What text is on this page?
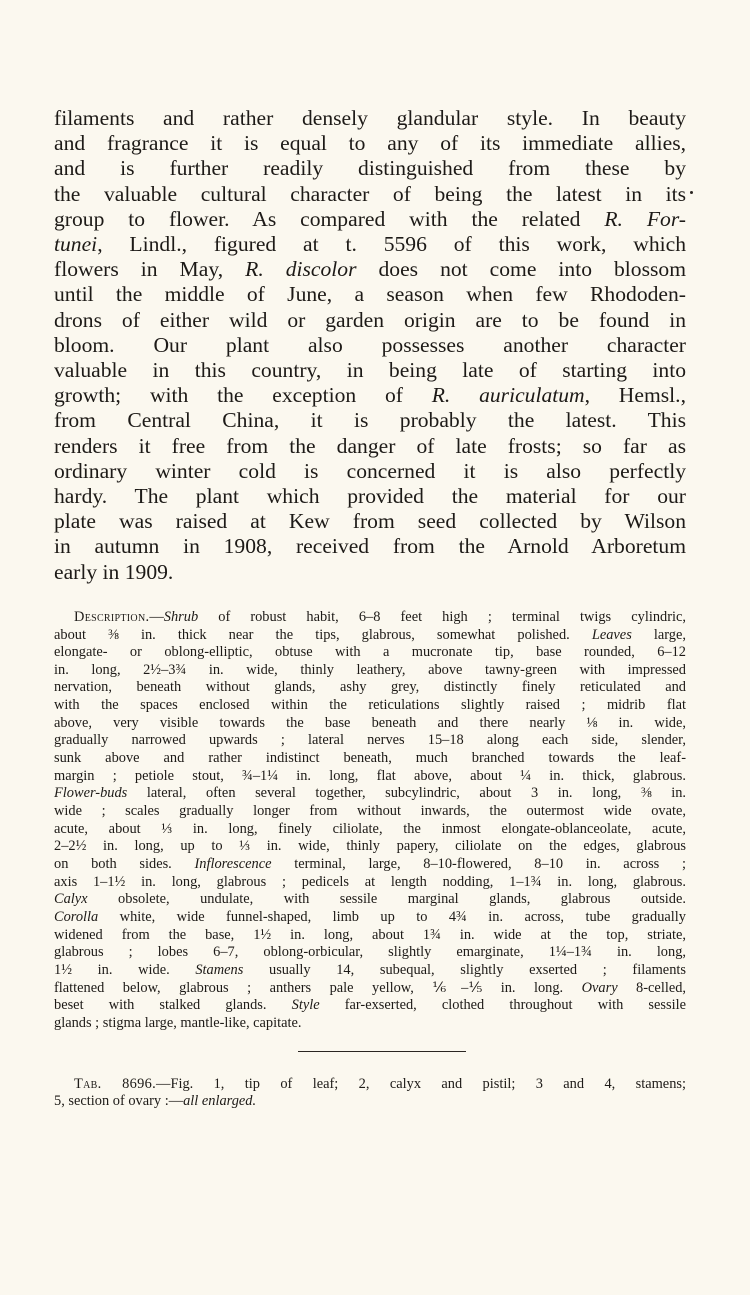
filaments and rather densely glandular style. In beauty
and fragrance it is equal to any of its immediate allies,
and is further readily distinguished from these by
the valuable cultural character of being the latest in its
group to flower. As compared with the related R. For-
tunei, Lindl., figured at t. 5596 of this work, which
flowers in May, R. discolor does not come into blossom
until the middle of June, a season when few Rhododen-
drons of either wild or garden origin are to be found in
bloom. Our plant also possesses another character
valuable in this country, in being late of starting into
growth; with the exception of R. auriculatum, Hemsl.,
from Central China, it is probably the latest. This
renders it free from the danger of late frosts; so far as
ordinary winter cold is concerned it is also perfectly
hardy. The plant which provided the material for our
plate was raised at Kew from seed collected by Wilson
in autumn in 1908, received from the Arnold Arboretum
early in 1909.
Description.—Shrub of robust habit, 6–8 feet high ; terminal twigs cylindric,
about ⅜ in. thick near the tips, glabrous, somewhat polished. Leaves large,
elongate- or oblong-elliptic, obtuse with a mucronate tip, base rounded, 6–12
in. long, 2½–3¾ in. wide, thinly leathery, above tawny-green with impressed
nervation, beneath without glands, ashy grey, distinctly finely reticulated and
with the spaces enclosed within the reticulations slightly raised ; midrib flat
above, very visible towards the base beneath and there nearly ⅛ in. wide,
gradually narrowed upwards ; lateral nerves 15–18 along each side, slender,
sunk above and rather indistinct beneath, much branched towards the leaf-
margin ; petiole stout, ¾–1¼ in. long, flat above, about ¼ in. thick, glabrous.
Flower-buds lateral, often several together, subcylindric, about 3 in. long, ⅜ in.
wide ; scales gradually longer from without inwards, the outermost wide ovate,
acute, about ⅓ in. long, finely ciliolate, the inmost elongate-oblanceolate, acute,
2–2½ in. long, up to ⅓ in. wide, thinly papery, ciliolate on the edges, glabrous
on both sides. Inflorescence terminal, large, 8–10-flowered, 8–10 in. across ;
axis 1–1½ in. long, glabrous ; pedicels at length nodding, 1–1¾ in. long, glabrous.
Calyx obsolete, undulate, with sessile marginal glands, glabrous outside.
Corolla white, wide funnel-shaped, limb up to 4¾ in. across, tube gradually
widened from the base, 1½ in. long, about 1¾ in. wide at the top, striate,
glabrous ; lobes 6–7, oblong-orbicular, slightly emarginate, 1¼–1¾ in. long,
1½ in. wide. Stamens usually 14, subequal, slightly exserted ; filaments
flattened below, glabrous ; anthers pale yellow, ⅙–⅕ in. long. Ovary 8-celled,
beset with stalked glands. Style far-exserted, clothed throughout with sessile
glands ; stigma large, mantle-like, capitate.
Tab. 8696.—Fig. 1, tip of leaf; 2, calyx and pistil; 3 and 4, stamens;
5, section of ovary :—all enlarged.
